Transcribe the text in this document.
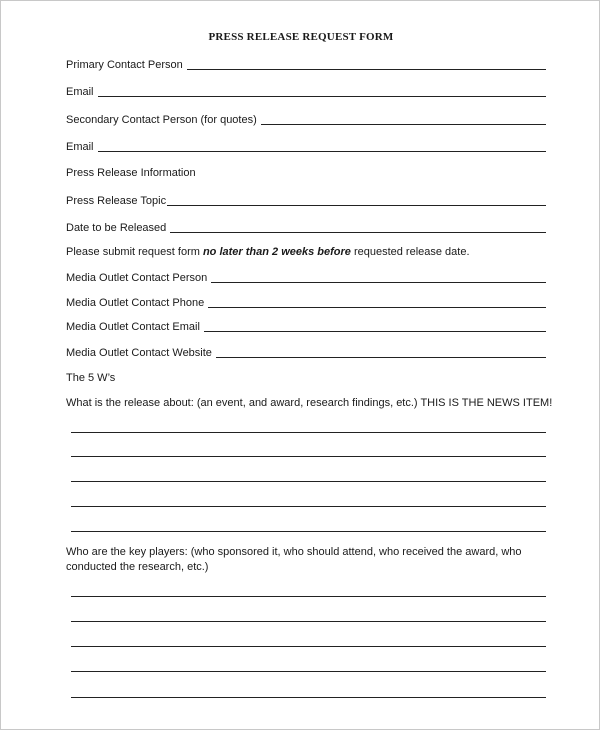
PRESS RELEASE REQUEST FORM
Primary Contact Person
Email
Secondary Contact Person (for quotes)
Email
Press Release Information
Press Release Topic
Date to be Released
Please submit request form no later than 2 weeks before requested release date.
Media Outlet Contact Person
Media Outlet Contact Phone
Media Outlet Contact Email
Media Outlet Contact Website
The 5 W’s
What is the release about: (an event, and award, research findings, etc.) THIS IS THE NEWS ITEM!
Who are the key players: (who sponsored it, who should attend, who received the award, who
conducted the research, etc.)
